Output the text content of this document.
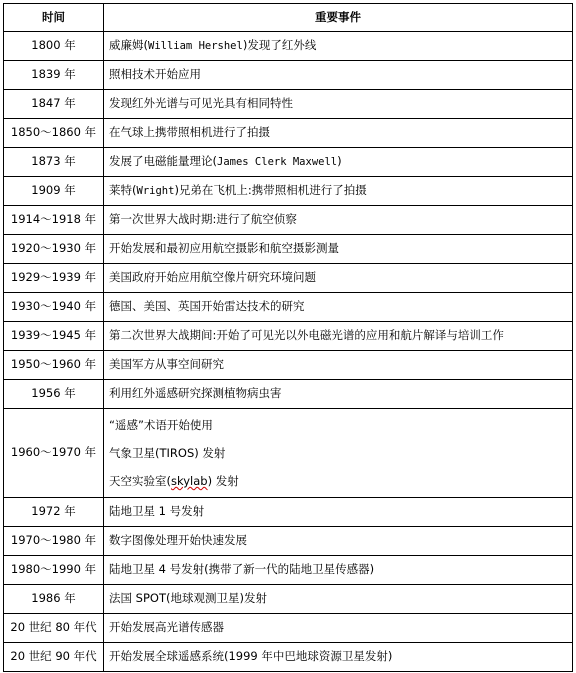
时间	重要事件
1800 年	威廉姆(William Hershel)发现了红外线
1839 年	照相技术开始应用
1847 年	发现红外光谱与可见光具有相同特性
1850～1860 年	在气球上携带照相机进行了拍摄
1873 年	发展了电磁能量理论(James Clerk Maxwell)
1909 年	莱特(Wright)兄弟在飞机上:携带照相机进行了拍摄
1914～1918 年	第一次世界大战时期:进行了航空侦察
1920～1930 年	开始发展和最初应用航空摄影和航空摄影测量
1929～1939 年	美国政府开始应用航空像片研究环境问题
1930～1940 年	德国、美国、英国开始雷达技术的研究
1939～1945 年	第二次世界大战期间:开始了可见光以外电磁光谱的应用和航片解译与培训工作
1950～1960 年	美国军方从事空间研究
1956 年	利用红外遥感研究探测植物病虫害
1960～1970 年	“遥感”术语开始使用
气象卫星(TIROS) 发射
天空实验室(skylab) 发射

1972 年	陆地卫星 1 号发射
1970～1980 年	数字图像处理开始快速发展
1980～1990 年	陆地卫星 4 号发射(携带了新一代的陆地卫星传感器)
1986 年	法国 SPOT(地球观测卫星)发射
20 世纪 80 年代	开始发展高光谱传感器
20 世纪 90 年代	开始发展全球遥感系统(1999 年中巴地球资源卫星发射)
